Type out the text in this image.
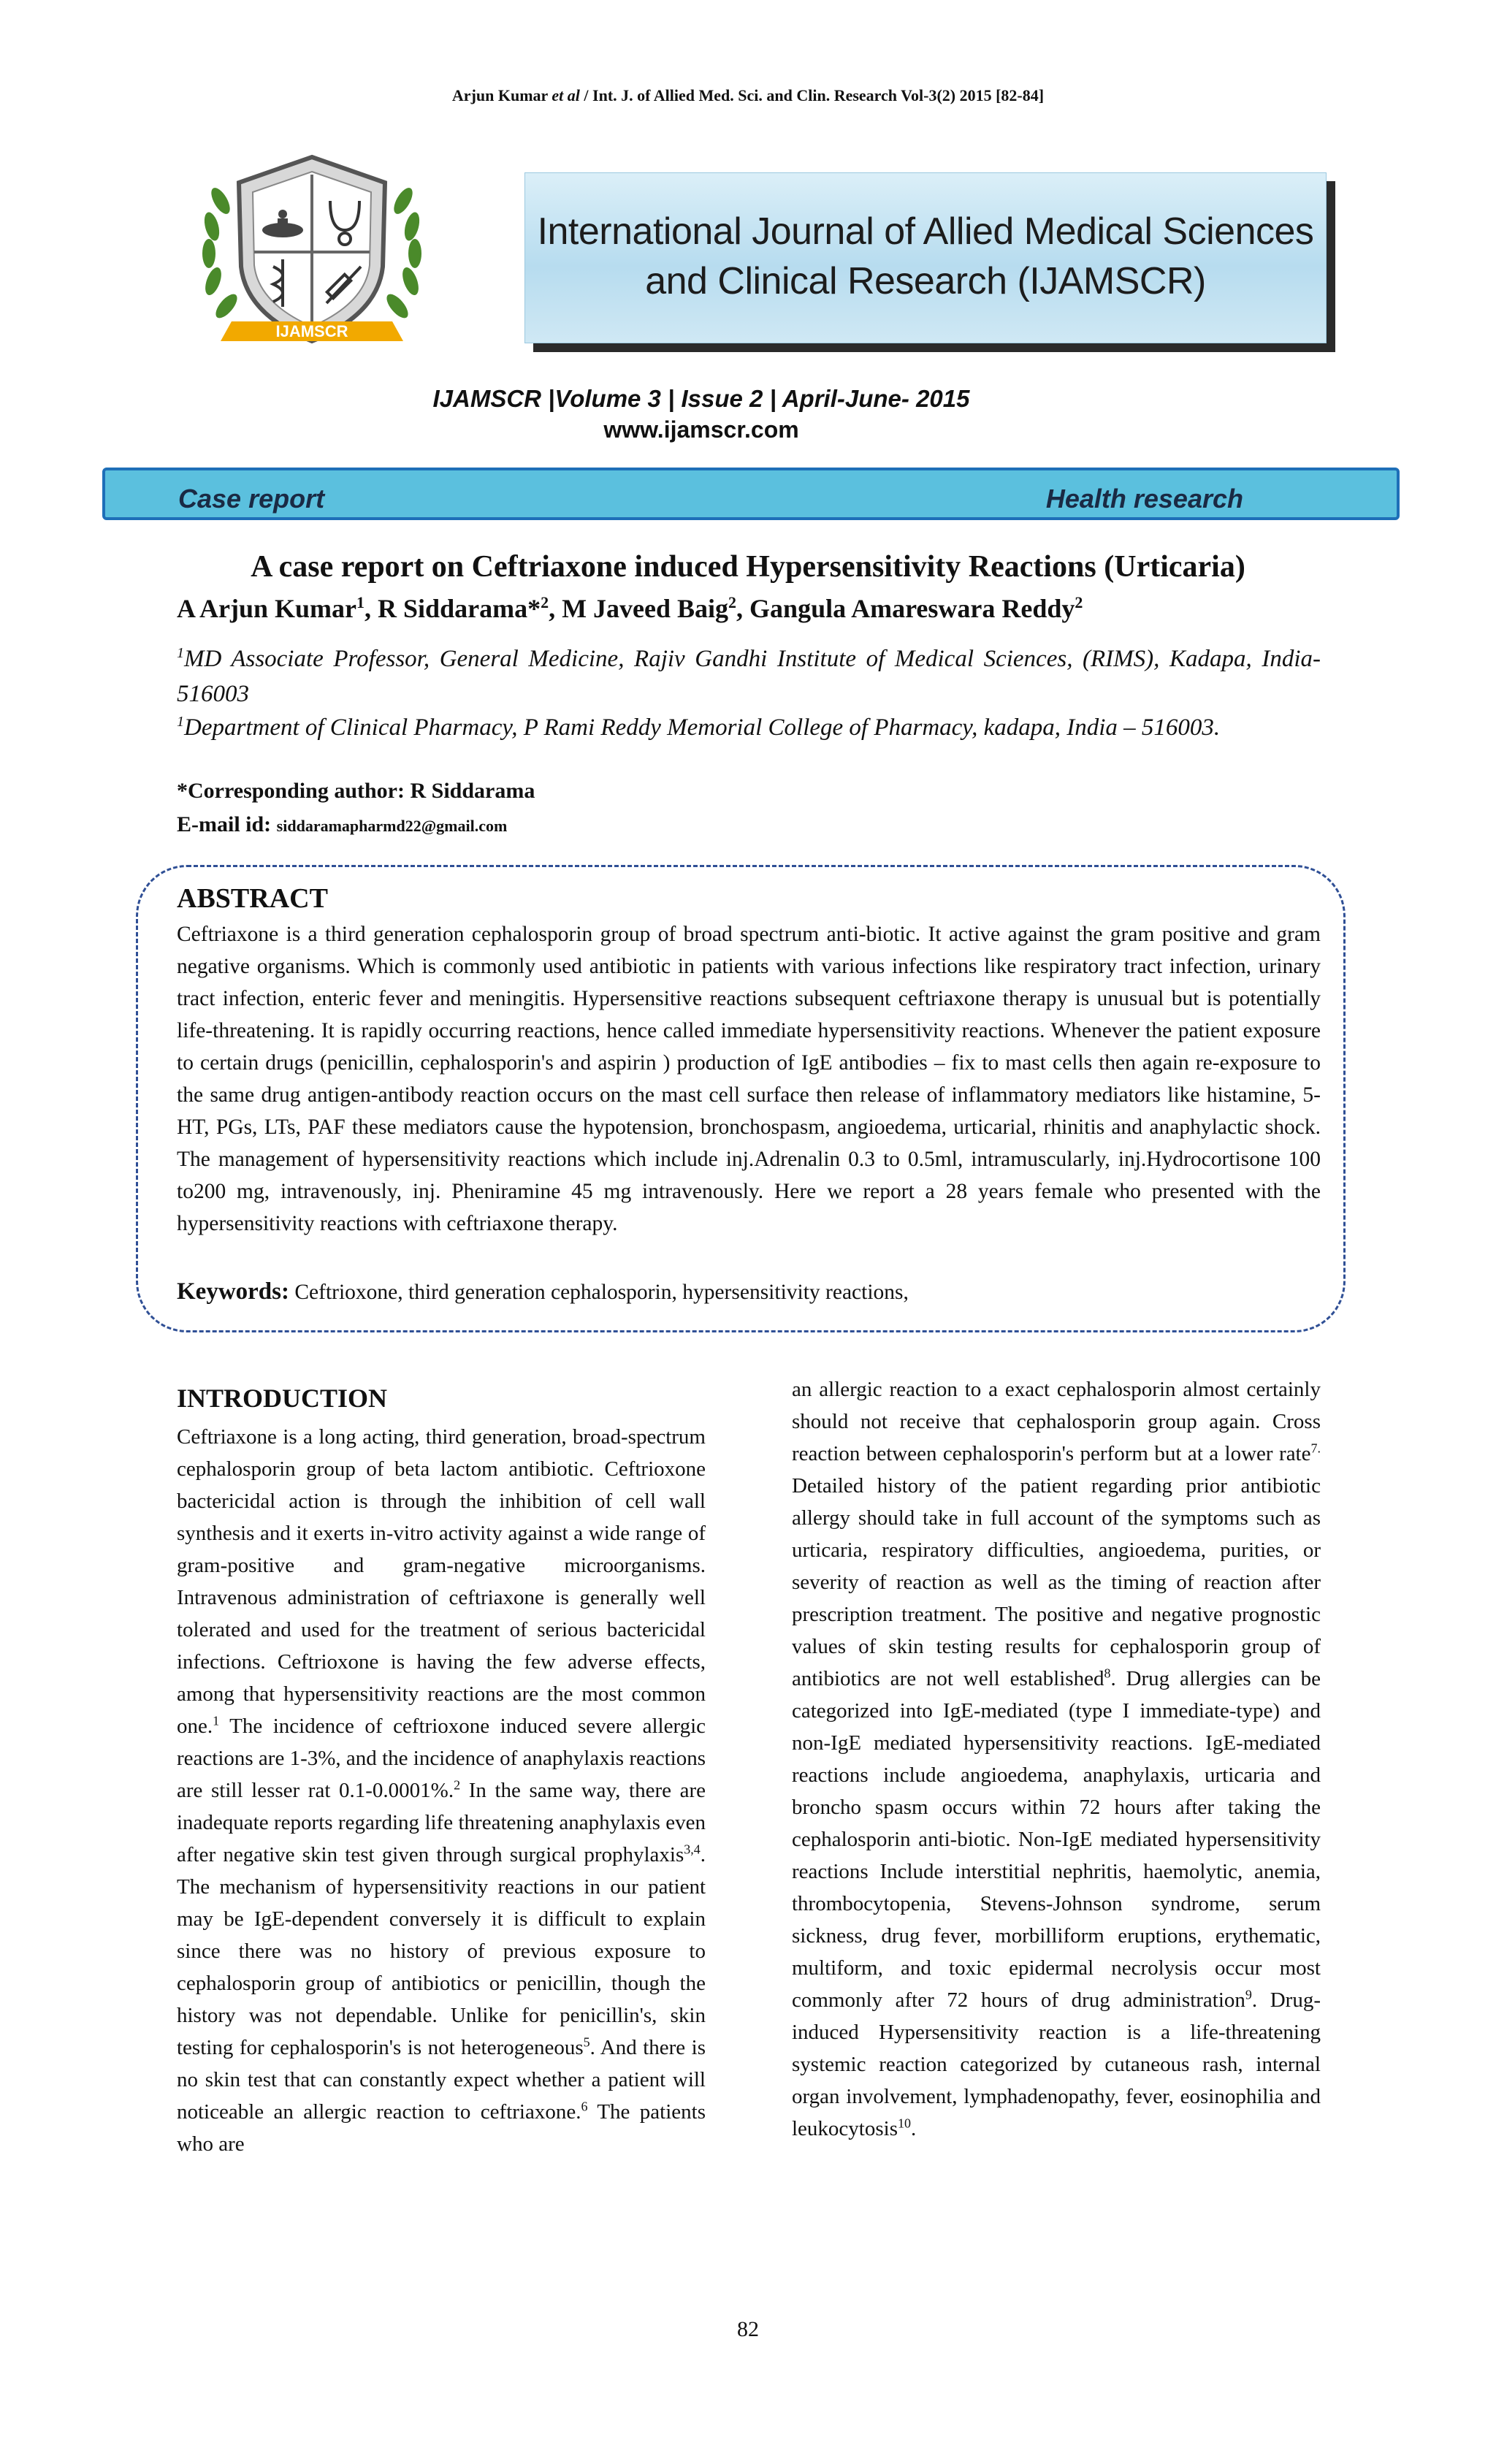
Arjun Kumar et al / Int. J. of Allied Med. Sci. and Clin. Research Vol-3(2) 2015 [82-84]
IJAMSCR
International Journal of Allied Medical Sciences
and Clinical Research (IJAMSCR)
IJAMSCR |Volume 3 | Issue 2 | April-June- 2015
www.ijamscr.com
Case report	Health research
A case report on Ceftriaxone induced Hypersensitivity Reactions (Urticaria)
A Arjun Kumar$^1$, R Siddarama*$^2$, M Javeed Baig$^2$, Gangula Amareswara Reddy$^2$
$^1$MD Associate Professor, General Medicine, Rajiv Gandhi Institute of Medical Sciences, (RIMS), Kadapa, India- 516003
$^1$Department of Clinical Pharmacy, P Rami Reddy Memorial College of Pharmacy, kadapa, India – 516003.
*Corresponding author: R Siddarama
E-mail id: siddaramapharmd22@gmail.com
ABSTRACT
Ceftriaxone is a third generation cephalosporin group of broad spectrum anti-biotic. It active against the gram positive and gram negative organisms. Which is commonly used antibiotic in patients with various infections like respiratory tract infection, urinary tract infection, enteric fever and meningitis. Hypersensitive reactions subsequent ceftriaxone therapy is unusual but is potentially life-threatening. It is rapidly occurring reactions, hence called immediate hypersensitivity reactions. Whenever the patient exposure to certain drugs (penicillin, cephalosporin's and aspirin ) production of IgE antibodies – fix to mast cells then again re-exposure to the same drug antigen-antibody reaction occurs on the mast cell surface then release of inflammatory mediators like histamine, 5-HT, PGs, LTs, PAF these mediators cause the hypotension, bronchospasm, angioedema, urticarial, rhinitis and anaphylactic shock. The management of hypersensitivity reactions which include inj.Adrenalin 0.3 to 0.5ml, intramuscularly, inj.Hydrocortisone 100 to200 mg, intravenously, inj. Pheniramine 45 mg intravenously. Here we report a 28 years female who presented with the hypersensitivity reactions with ceftriaxone therapy.
Keywords: Ceftrioxone, third generation cephalosporin, hypersensitivity reactions,
INTRODUCTION
Ceftriaxone is a long acting, third generation, broad-spectrum cephalosporin group of beta lactom antibiotic. Ceftrioxone bactericidal action is through the inhibition of cell wall synthesis and it exerts in-vitro activity against a wide range of gram-positive and gram-negative microorganisms. Intravenous administration of ceftriaxone is generally well tolerated and used for the treatment of serious bactericidal infections. Ceftrioxone is having the few adverse effects, among that hypersensitivity reactions are the most common one.$^1$ The incidence of ceftrioxone induced severe allergic reactions are 1-3%, and the incidence of anaphylaxis reactions are still lesser rat 0.1-0.0001%.$^2$ In the same way, there are inadequate reports regarding life threatening anaphylaxis even after negative skin test given through surgical prophylaxis$^{3,4}$. The mechanism of hypersensitivity reactions in our patient may be IgE-dependent conversely it is difficult to explain since there was no history of previous exposure to cephalosporin group of antibiotics or penicillin, though the history was not dependable. Unlike for penicillin's, skin testing for cephalosporin's is not heterogeneous$^5$. And there is no skin test that can constantly expect whether a patient will noticeable an allergic reaction to ceftriaxone.$^6$ The patients who are
an allergic reaction to a exact cephalosporin almost certainly should not receive that cephalosporin group again. Cross reaction between cephalosporin's perform but at a lower rate$^{7.}$ Detailed history of the patient regarding prior antibiotic allergy should take in full account of the symptoms such as urticaria, respiratory difficulties, angioedema, purities, or severity of reaction as well as the timing of reaction after prescription treatment. The positive and negative prognostic values of skin testing results for cephalosporin group of antibiotics are not well established$^8$. Drug allergies can be categorized into IgE-mediated (type I immediate-type) and non-IgE mediated hypersensitivity reactions. IgE-mediated reactions include angioedema, anaphylaxis, urticaria and broncho spasm occurs within 72 hours after taking the cephalosporin anti-biotic. Non-IgE mediated hypersensitivity reactions Include interstitial nephritis, haemolytic, anemia, thrombocytopenia, Stevens-Johnson syndrome, serum sickness, drug fever, morbilliform eruptions, erythematic, multiform, and toxic epidermal necrolysis occur most commonly after 72 hours of drug administration$^9$. Drug-induced Hypersensitivity reaction is a life-threatening systemic reaction categorized by cutaneous rash, internal organ involvement, lymphadenopathy, fever, eosinophilia and leukocytosis$^{10}$.
82
